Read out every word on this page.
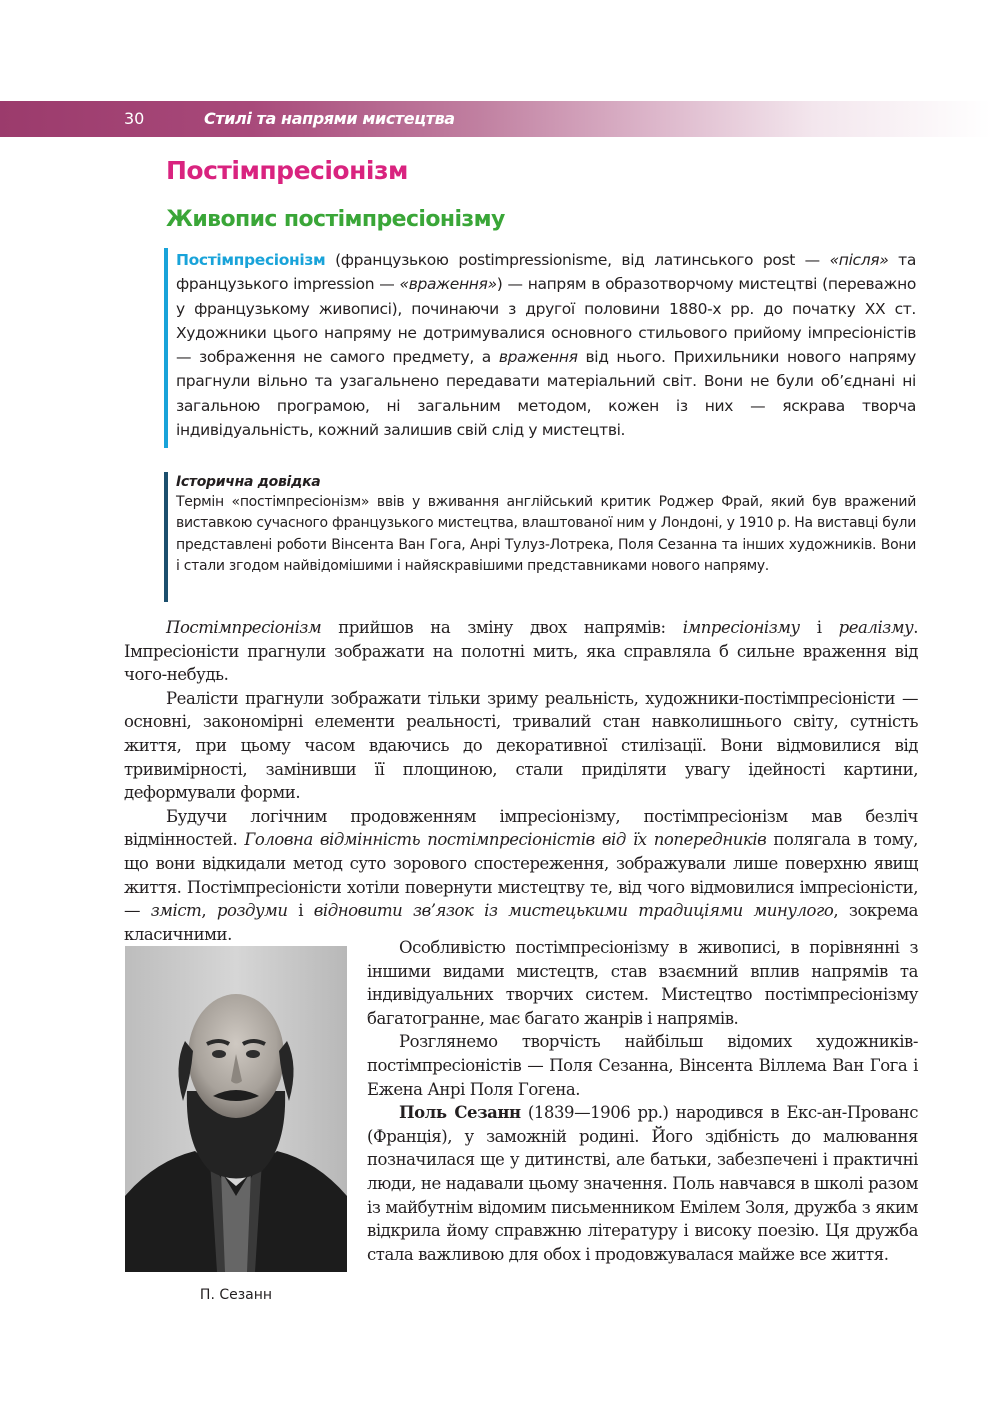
30	Стилі та напрями мистецтва
Постімпресіонізм
Живопис постімпресіонізму

Постімпресіонізм (французькою postimpressionisme, від латинського post — «після» та французького impression — «враження») — напрям в образотворчому мистецтві (переважно у французькому живописі), починаючи з другої половини 1880-х рр. до початку XX ст. Художники цього напряму не дотримувалися основного стильового прийому імпресіоністів — зображення не самого предмету, а враження від нього. Прихильники нового напряму прагнули вільно та узагальнено передавати матеріальний світ. Вони не були об’єднані ні загальною програмою, ні загальним методом, кожен із них — яскрава творча індивідуальність, кожний залишив свій слід у мистецтві.

Історична довідка

Термін «постімпресіонізм» ввів у вживання англійський критик Роджер Фрай, який був вражений виставкою сучасного французького мистецтва, влаштованої ним у Лондоні, у 1910 р. На виставці були представлені роботи Вінсента Ван Гога, Анрі Тулуз-Лотрека, Поля Сезанна та інших художників. Вони і стали згодом найвідомішими і найяскравішими представниками нового напряму.

Постімпресіонізм прийшов на зміну двох напрямів: імпресіонізму і реалізму. Імпресіоністи прагнули зображати на полотні мить, яка справляла б сильне враження від чого-небудь.

Реалісти прагнули зображати тільки зриму реальність, художники-постімпресіоністи — основні, закономірні елементи реальності, тривалий стан навколишнього світу, сутність життя, при цьому часом вдаючись до декоративної стилізації. Вони відмовилися від тривимірності, замінивши її площиною, стали приділяти увагу ідейності картини, деформували форми.

Будучи логічним продовженням імпресіонізму, постімпресіонізм мав безліч відмінностей. Головна відмінність постімпресіоністів від їх попередників полягала в тому, що вони відкидали метод суто зорового спостереження, зображували лише поверхню явищ життя. Постімпресіоністи хотіли повернути мистецтву те, від чого відмовилися імпресіоністи, — зміст, роздуми і відновити зв’язок із мистецькими традиціями минулого, зокрема класичними.

П. Сезанн

Особливістю постімпресіонізму в живописі, в порівнянні з іншими видами мистецтв, став взаємний вплив напрямів та індивідуальних творчих систем. Мистецтво постімпресіонізму багатогранне, має багато жанрів і напрямів.

Розглянемо творчість найбільш відомих художників-постімпресіоністів — Поля Сезанна, Вінсента Віллема Ван Гога і Ежена Анрі Поля Гогена.

Поль Сезанн (1839—1906 рр.) народився в Екс-ан-Прованс (Франція), у заможній родині. Його здібність до малювання позначилася ще у дитинстві, але батьки, забезпечені і практичні люди, не надавали цьому значення. Поль навчався в школі разом із майбутнім відомим письменником Емілем Золя, дружба з яким відкрила йому справжню літературу і високу поезію. Ця дружба стала важливою для обох і продовжувалася майже все життя.
